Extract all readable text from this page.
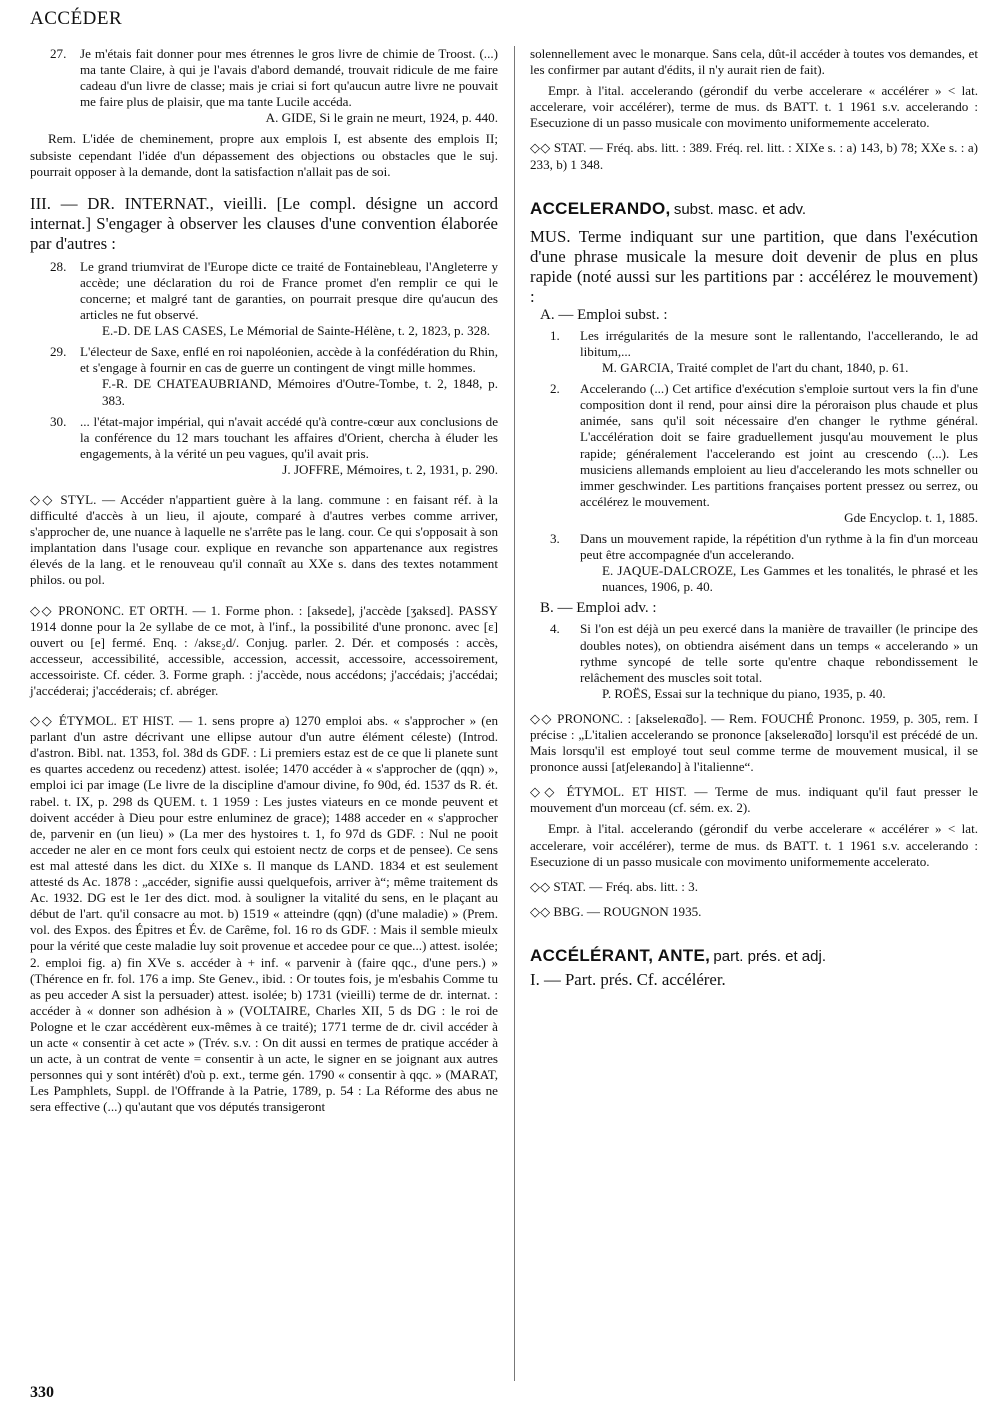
ACCÉDER
27. Je m'étais fait donner pour mes étrennes le gros livre de chimie de Troost. (...) ma tante Claire, à qui je l'avais d'abord demandé, trouvait ridicule de me faire cadeau d'un livre de classe; mais je criai si fort qu'aucun autre livre ne pouvait me faire plus de plaisir, que ma tante Lucile accéda.

A. GIDE, Si le grain ne meurt, 1924, p. 440.

Rem. L'idée de cheminement, propre aux emplois I, est absente des emplois II; subsiste cependant l'idée d'un dépassement des objections ou obstacles que le suj. pourrait opposer à la demande, dont la satisfaction n'allait pas de soi.

III. — DR. INTERNAT., vieilli. [Le compl. désigne un accord internat.] S'engager à observer les clauses d'une convention élaborée par d'autres :

28. Le grand triumvirat de l'Europe dicte ce traité de Fontainebleau, l'Angleterre y accède; une déclaration du roi de France promet d'en remplir ce qui le concerne; et malgré tant de garanties, on pourrait presque dire qu'aucun des articles ne fut observé.

E.-D. DE LAS CASES, Le Mémorial de Sainte-Hélène, t. 2, 1823, p. 328.

29. L'électeur de Saxe, enflé en roi napoléonien, accède à la confédération du Rhin, et s'engage à fournir en cas de guerre un contingent de vingt mille hommes.

F.-R. DE CHATEAUBRIAND, Mémoires d'Outre-Tombe, t. 2, 1848, p. 383.

30. ... l'état-major impérial, qui n'avait accédé qu'à contre-cœur aux conclusions de la conférence du 12 mars touchant les affaires d'Orient, chercha à éluder les engagements, à la vérité un peu vagues, qu'il avait pris.

J. JOFFRE, Mémoires, t. 2, 1931, p. 290.

◇◇ STYL. — Accéder n'appartient guère à la lang. commune : en faisant réf. à la difficulté d'accès à un lieu, il ajoute, comparé à d'autres verbes comme arriver, s'approcher de, une nuance à laquelle ne s'arrête pas le lang. cour. Ce qui s'opposait à son implantation dans l'usage cour. explique en revanche son appartenance aux registres élevés de la lang. et le renouveau qu'il connaît au XXe s. dans des textes notamment philos. ou pol.

◇◇ PRONONC. ET ORTH. — 1. Forme phon. : [aksede], j'accède [ʒaksɛd]. PASSY 1914 donne pour la 2e syllabe de ce mot, à l'inf., la possibilité d'une prononc. avec [ε] ouvert ou [e] fermé. Enq. : /aksɛ₂d/. Conjug. parler. 2. Dér. et composés : accès, accesseur, accessibilité, accessible, accession, accessit, accessoire, accessoirement, accessoiriste. Cf. céder. 3. Forme graph. : j'accède, nous accédons; j'accédais; j'accédai; j'accéderai; j'accéderais; cf. abréger.

◇◇ ÉTYMOL. ET HIST. — 1. sens propre a) 1270 emploi abs. « s'approcher » (en parlant d'un astre décrivant une ellipse autour d'un autre élément céleste) (Introd. d'astron. Bibl. nat. 1353, fol. 38d ds GDF. : Li premiers estaz est de ce que li planete sunt es quartes accedenz ou recedenz) attest. isolée; 1470 accéder à « s'approcher de (qqn) », emploi ici par image (Le livre de la discipline d'amour divine, fo 90d, éd. 1537 ds R. ét. rabel. t. IX, p. 298 ds QUEM. t. 1 1959 : Les justes viateurs en ce monde peuvent et doivent accéder à Dieu pour estre enluminez de grace); 1488 acceder en « s'approcher de, parvenir en (un lieu) » (La mer des hystoires t. 1, fo 97d ds GDF. : Nul ne pooit acceder ne aler en ce mont fors ceulx qui estoient nectz de corps et de pensee). Ce sens est mal attesté dans les dict. du XIXe s. Il manque ds LAND. 1834 et est seulement attesté ds Ac. 1878 : „accéder, signifie aussi quelquefois, arriver à“; même traitement ds Ac. 1932. DG est le 1er des dict. mod. à souligner la vitalité du sens, en le plaçant au début de l'art. qu'il consacre au mot. b) 1519 « atteindre (qqn) (d'une maladie) » (Prem. vol. des Expos. des Épitres et Év. de Carême, fol. 16 ro ds GDF. : Mais il semble mieulx pour la vérité que ceste maladie luy soit provenue et accedee pour ce que...) attest. isolée; 2. emploi fig. a) fin XVe s. accéder à + inf. « parvenir à (faire qqc., d'une pers.) » (Thérence en fr. fol. 176 a imp. Ste Genev., ibid. : Or toutes fois, je m'esbahis Comme tu as peu acceder A sist la persuader) attest. isolée; b) 1731 (vieilli) terme de dr. internat. : accéder à « donner son adhésion à » (VOLTAIRE, Charles XII, 5 ds DG : le roi de Pologne et le czar accédèrent eux-mêmes à ce traité); 1771 terme de dr. civil accéder à un acte « consentir à cet acte » (Trév. s.v. : On dit aussi en termes de pratique accéder à un acte, à un contrat de vente = consentir à un acte, le signer en se joignant aux autres personnes qui y sont intérêt) d'où p. ext., terme gén. 1790 « consentir à qqc. » (MARAT, Les Pamphlets, Suppl. de l'Offrande à la Patrie, 1789, p. 54 : La Réforme des abus ne sera effective (...) qu'autant que vos députés transigeront

solennellement avec le monarque. Sans cela, dût-il accéder à toutes vos demandes, et les confirmer par autant d'édits, il n'y aurait rien de fait).

Empr. à l'ital. accelerando (gérondif du verbe accelerare « accélérer » < lat. accelerare, voir accélérer), terme de mus. ds BATT. t. 1 1961 s.v. accelerando : Esecuzione di un passo musicale con movimento uniformemente accelerato.

◇◇ STAT. — Fréq. abs. litt. : 389. Fréq. rel. litt. : XIXe s. : a) 143, b) 78; XXe s. : a) 233, b) 1 348.

ACCELERANDO, subst. masc. et adv.

MUS. Terme indiquant sur une partition, que dans l'exécution d'une phrase musicale la mesure doit devenir de plus en plus rapide (noté aussi sur les partitions par : accélérez le mouvement) :

A. — Emploi subst. :

1. Les irrégularités de la mesure sont le rallentando, l'accellerando, le ad libitum,...

M. GARCIA, Traité complet de l'art du chant, 1840, p. 61.

2. Accelerando (...) Cet artifice d'exécution s'emploie surtout vers la fin d'une composition dont il rend, pour ainsi dire la péroraison plus chaude et plus animée, sans qu'il soit nécessaire d'en changer le rythme général. L'accélération doit se faire graduellement jusqu'au mouvement le plus rapide; généralement l'accelerando est joint au crescendo (...). Les musiciens allemands emploient au lieu d'accelerando les mots schneller ou immer geschwinder. Les partitions françaises portent pressez ou serrez, ou accélérez le mouvement.

Gde Encyclop. t. 1, 1885.

3. Dans un mouvement rapide, la répétition d'un rythme à la fin d'un morceau peut être accompagnée d'un accelerando.

E. JAQUE-DALCROZE, Les Gammes et les tonalités, le phrasé et les nuances, 1906, p. 40.

B. — Emploi adv. :

4. Si l'on est déjà un peu exercé dans la manière de travailler (le principe des doubles notes), on obtiendra aisément dans un temps « accelerando » un rythme syncopé de telle sorte qu'entre chaque rebondissement le relâchement des muscles soit total.

P. ROËS, Essai sur la technique du piano, 1935, p. 40.

◇◇ PRONONC. : [akseleʀɑ̃do]. — Rem. FOUCHÉ Prononc. 1959, p. 305, rem. I précise : „L'italien accelerando se prononce [akseleʀɑ̃do] lorsqu'il est précédé de un. Mais lorsqu'il est employé tout seul comme terme de mouvement musical, il se prononce aussi [atʃeleʀando] à l'italienne“.

◇◇ ÉTYMOL. ET HIST. — Terme de mus. indiquant qu'il faut presser le mouvement d'un morceau (cf. sém. ex. 2).

Empr. à l'ital. accelerando (gérondif du verbe accelerare « accélérer » < lat. accelerare, voir accélérer), terme de mus. ds BATT. t. 1 1961 s.v. accelerando : Esecuzione di un passo musicale con movimento uniformemente accelerato.

◇◇ STAT. — Fréq. abs. litt. : 3.

◇◇ BBG. — ROUGNON 1935.

ACCÉLÉRANT, ANTE, part. prés. et adj.

I. — Part. prés. Cf. accélérer.

330
